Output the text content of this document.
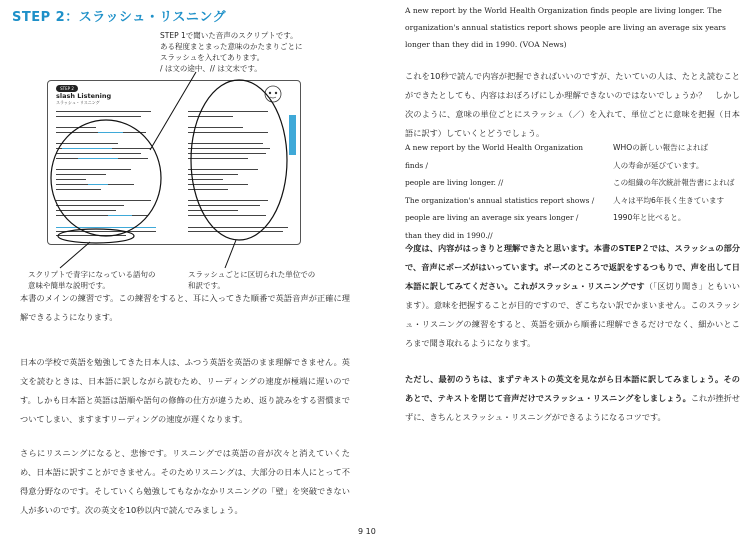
STEP 2：スラッシュ・リスニング
STEP 1で聞いた音声のスクリプトです。
ある程度まとまった意味のかたまりごとに
スラッシュを入れてあります。
/ は文の途中、// は文末です。
STEP 2
slash Listening
スラッシュ・リスニング
スクリプトで青字になっている語句の
意味や簡単な説明です。
スラッシュごとに区切られた単位での
和訳です。
本書のメインの練習です。この練習をすると、耳に入ってきた順番で英語音声が正確に理解できるようになります。
日本の学校で英語を勉強してきた日本人は、ふつう英語を英語のまま理解できません。英文を読むときは、日本語に訳しながら読むため、リーディングの速度が極端に遅いのです。しかも日本語と英語は語順や語句の修飾の仕方が違うため、返り読みをする習慣までついてしまい、ますますリーディングの速度が遅くなります。
さらにリスニングになると、悲惨です。リスニングでは英語の音が次々と消えていくため、日本語に訳すことができません。そのためリスニングは、大部分の日本人にとって不得意分野なのです。そしていくら勉強してもなかなかリスニングの「壁」を突破できない人が多いのです。次の英文を10秒以内で読んでみましょう。
A new report by the World Health Organization finds people are living longer. The organization's annual statistics report shows people are living an average six years longer than they did in 1990. (VOA News)
これを10秒で読んで内容が把握できればいいのですが、たいていの人は、たとえ読むことができたとしても、内容はおぼろげにしか理解できないのではないでしょうか？　しかし次のように、意味の単位ごとにスラッシュ（／）を入れて、単位ごとに意味を把握（日本語に訳す）していくとどうでしょう。
A new report by the World Health Organization finds /
people are living longer. //
The organization's annual statistics report shows /
people are living an average six years longer /
than they did in 1990.//
WHOの新しい報告によれば
人の寿命が延びています。
この組織の年次統計報告書によれば
人々は平均6年長く生きています
1990年と比べると。
今度は、内容がはっきりと理解できたと思います。本書のSTEP２では、スラッシュの部分で、音声にポーズがはいっています。ポーズのところで返訳をするつもりで、声を出して日本語に訳してみてください。これがスラッシュ・リスニングです（「区切り聞き」ともいいます）。意味を把握することが目的ですので、ぎこちない訳でかまいません。このスラッシュ・リスニングの練習をすると、英語を頭から順番に理解できるだけでなく、細かいところまで聞き取れるようになります。
ただし、最初のうちは、まずテキストの英文を見ながら日本語に訳してみましょう。そのあとで、テキストを閉じて音声だけでスラッシュ・リスニングをしましょう。これが挫折せずに、きちんとスラッシュ・リスニングができるようになるコツです。
9 10
